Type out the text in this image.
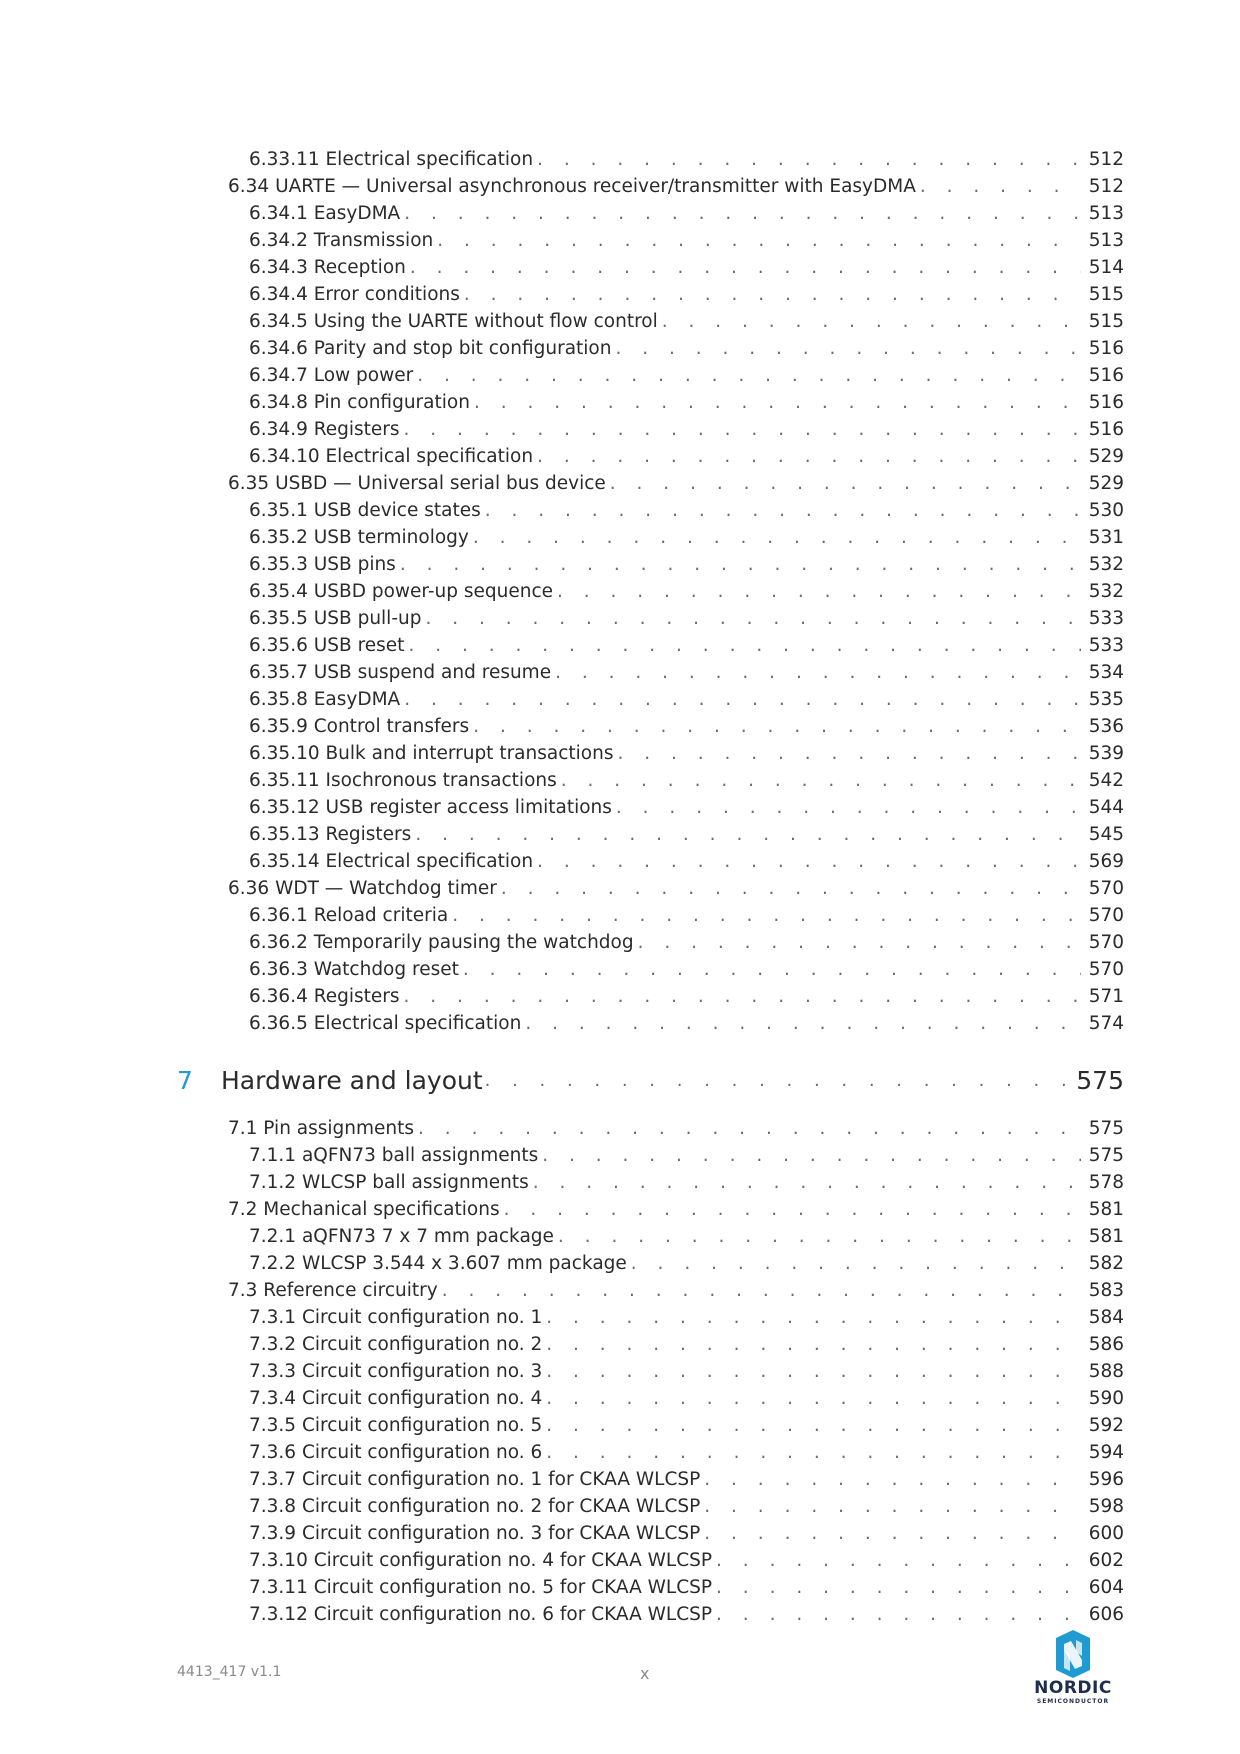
6.33.11 Electrical specification . . .	512
6.34 UARTE — Universal asynchronous receiver/transmitter with EasyDMA . . .	512
6.34.1 EasyDMA . . .	513
6.34.2 Transmission . . .	513
6.34.3 Reception . . .	514
6.34.4 Error conditions . . .	515
6.34.5 Using the UARTE without flow control . . .	515
6.34.6 Parity and stop bit configuration . . .	516
6.34.7 Low power . . .	516
6.34.8 Pin configuration . . .	516
6.34.9 Registers . . .	516
6.34.10 Electrical specification . . .	529
6.35 USBD — Universal serial bus device . . .	529
6.35.1 USB device states . . .	530
6.35.2 USB terminology . . .	531
6.35.3 USB pins . . .	532
6.35.4 USBD power-up sequence . . .	532
6.35.5 USB pull-up . . .	533
6.35.6 USB reset . . .	533
6.35.7 USB suspend and resume . . .	534
6.35.8 EasyDMA . . .	535
6.35.9 Control transfers . . .	536
6.35.10 Bulk and interrupt transactions . . .	539
6.35.11 Isochronous transactions . . .	542
6.35.12 USB register access limitations . . .	544
6.35.13 Registers . . .	545
6.35.14 Electrical specification . . .	569
6.36 WDT — Watchdog timer . . .	570
6.36.1 Reload criteria . . .	570
6.36.2 Temporarily pausing the watchdog . . .	570
6.36.3 Watchdog reset . . .	570
6.36.4 Registers . . .	571
6.36.5 Electrical specification . . .	574
7 Hardware and layout . . .	575
7.1 Pin assignments . . .	575
7.1.1 aQFN73 ball assignments . . .	575
7.1.2 WLCSP ball assignments . . .	578
7.2 Mechanical specifications . . .	581
7.2.1 aQFN73 7 x 7 mm package . . .	581
7.2.2 WLCSP 3.544 x 3.607 mm package . . .	582
7.3 Reference circuitry . . .	583
7.3.1 Circuit configuration no. 1 . . .	584
7.3.2 Circuit configuration no. 2 . . .	586
7.3.3 Circuit configuration no. 3 . . .	588
7.3.4 Circuit configuration no. 4 . . .	590
7.3.5 Circuit configuration no. 5 . . .	592
7.3.6 Circuit configuration no. 6 . . .	594
7.3.7 Circuit configuration no. 1 for CKAA WLCSP . . .	596
7.3.8 Circuit configuration no. 2 for CKAA WLCSP . . .	598
7.3.9 Circuit configuration no. 3 for CKAA WLCSP . . .	600
7.3.10 Circuit configuration no. 4 for CKAA WLCSP . . .	602
7.3.11 Circuit configuration no. 5 for CKAA WLCSP . . .	604
7.3.12 Circuit configuration no. 6 for CKAA WLCSP . . .	606
4413_417 v1.1	x
NORDIC
SEMICONDUCTOR
